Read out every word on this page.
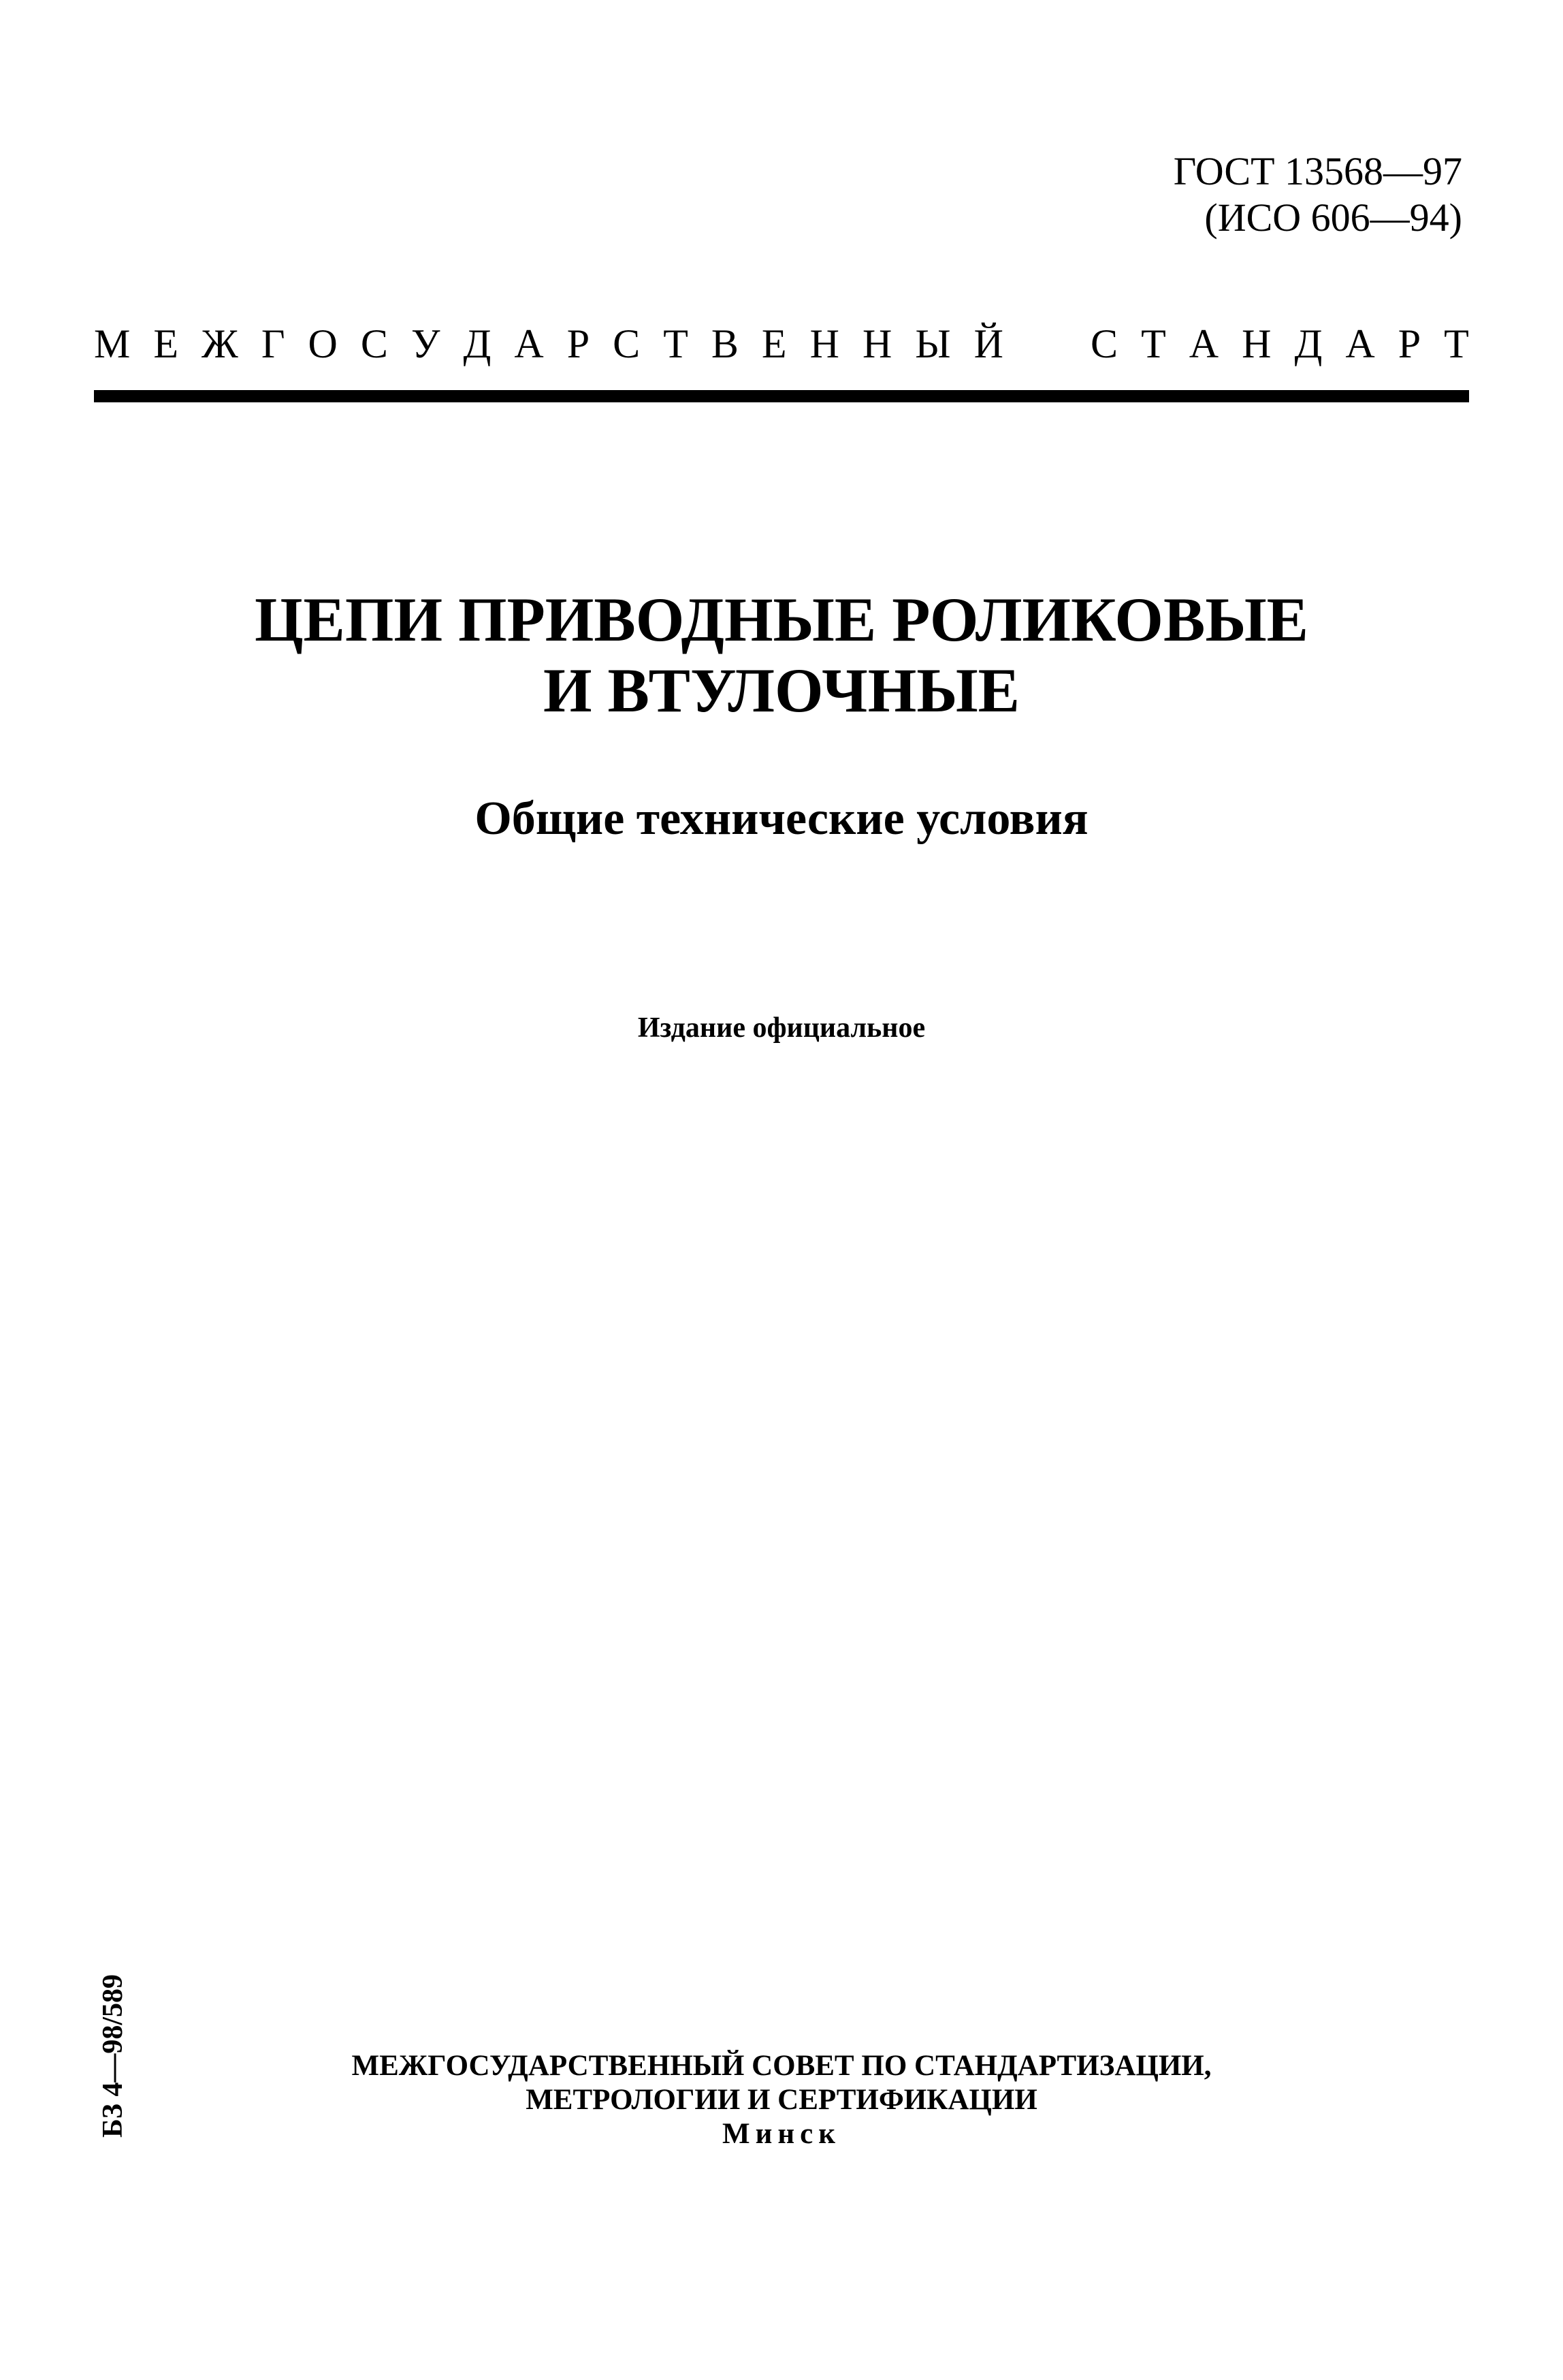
ГОСТ 13568—97
(ИСО 606—94)
М Е Ж Г О С У Д А Р С Т В Е Н Н Ы Й С Т А Н Д А Р Т
ЦЕПИ ПРИВОДНЫЕ РОЛИКОВЫЕ
И ВТУЛОЧНЫЕ
Общие технические условия
Издание официальное
БЗ 4—98/589	МЕЖГОСУДАРСТВЕННЫЙ СОВЕТ ПО СТАНДАРТИЗАЦИИ,
МЕТРОЛОГИИ И СЕРТИФИКАЦИИ
Минск
